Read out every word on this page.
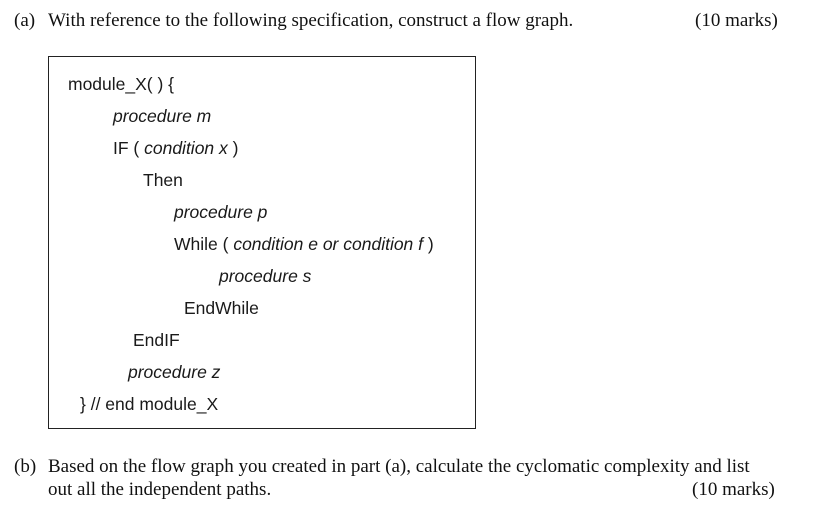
(a) With reference to the following specification, construct a flow graph.	(10 marks)
module_X( ) {
procedure m
IF ( condition x )
Then
procedure p
While ( condition e or condition f )
procedure s
EndWhile
EndIF
procedure z
} // end module_X
(b) Based on the flow graph you created in part (a), calculate the cyclomatic complexity and list
out all the independent paths.	(10 marks)
